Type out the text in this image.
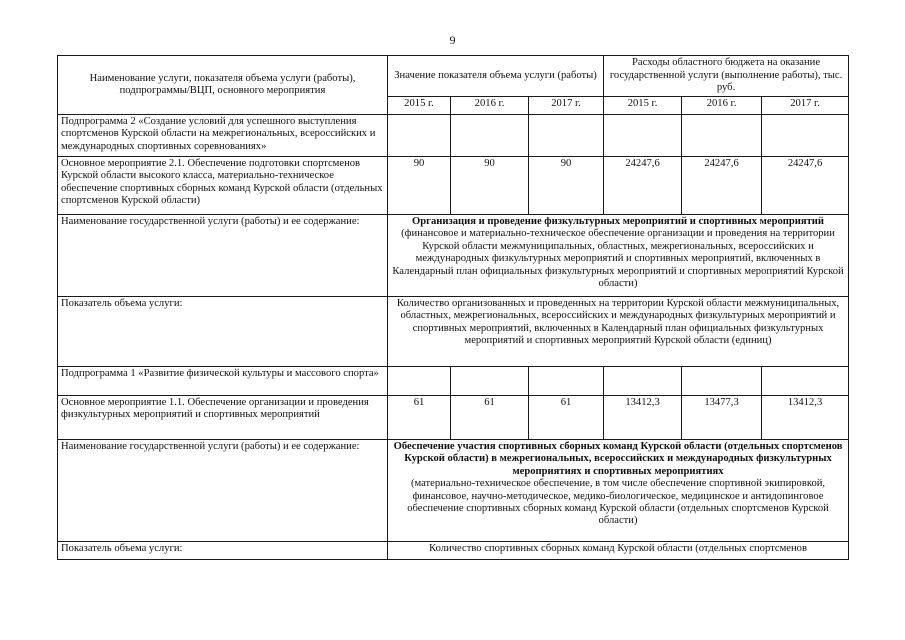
9
Наименование услуги, показателя объема услуги (работы), подпрограммы/ВЦП, основного мероприятия	Значение показателя объема услуги (работы)			Расходы областного бюджета на оказание государственной услуги (выполнение работы), тыс. руб.		
	2015 г.	2016 г.	2017 г.	2015 г.	2016 г.	2017 г.
Подпрограмма 2 «Создание условий для успешного выступления спортсменов Курской области на межрегиональных, всероссийских и международных спортивных соревнованиях»						
Основное мероприятие 2.1. Обеспечение подготовки спортсменов Курской области высокого класса, материально-техническое обеспечение спортивных сборных команд Курской области (отдельных спортсменов Курской области)	90	90	90	24247,6	24247,6	24247,6
Наименование государственной услуги (работы) и ее содержание:	Организация и проведение физкультурных мероприятий и спортивных мероприятий (финансовое и материально-техническое обеспечение организации и проведения на территории Курской области межмуниципальных, областных, межрегиональных, всероссийских и международных физкультурных мероприятий и спортивных мероприятий, включенных в Календарный план официальных физкультурных мероприятий и спортивных мероприятий Курской области)					
Показатель объема услуги:	Количество организованных и проведенных на территории Курской области межмуниципальных, областных, межрегиональных, всероссийских и международных физкультурных мероприятий и спортивных мероприятий, включенных в Календарный план официальных физкультурных мероприятий и спортивных мероприятий Курской области (единиц)					
Подпрограмма 1 «Развитие физической культуры и массового спорта»						
Основное мероприятие 1.1. Обеспечение организации и проведения физкультурных мероприятий и спортивных мероприятий	61	61	61	13412,3	13477,3	13412,3
Наименование государственной услуги (работы) и ее содержание:	Обеспечение участия спортивных сборных команд Курской области (отдельных спортсменов Курской области) в межрегиональных, всероссийских и международных физкультурных мероприятиях и спортивных мероприятиях
(материально-техническое обеспечение, в том числе обеспечение спортивной экипировкой, финансовое, научно-методическое, медико-биологическое, медицинское и антидопинговое обеспечение спортивных сборных команд Курской области (отдельных спортсменов Курской области)					

Показатель объема услуги:	Количество спортивных сборных команд Курской области (отдельных спортсменов					
